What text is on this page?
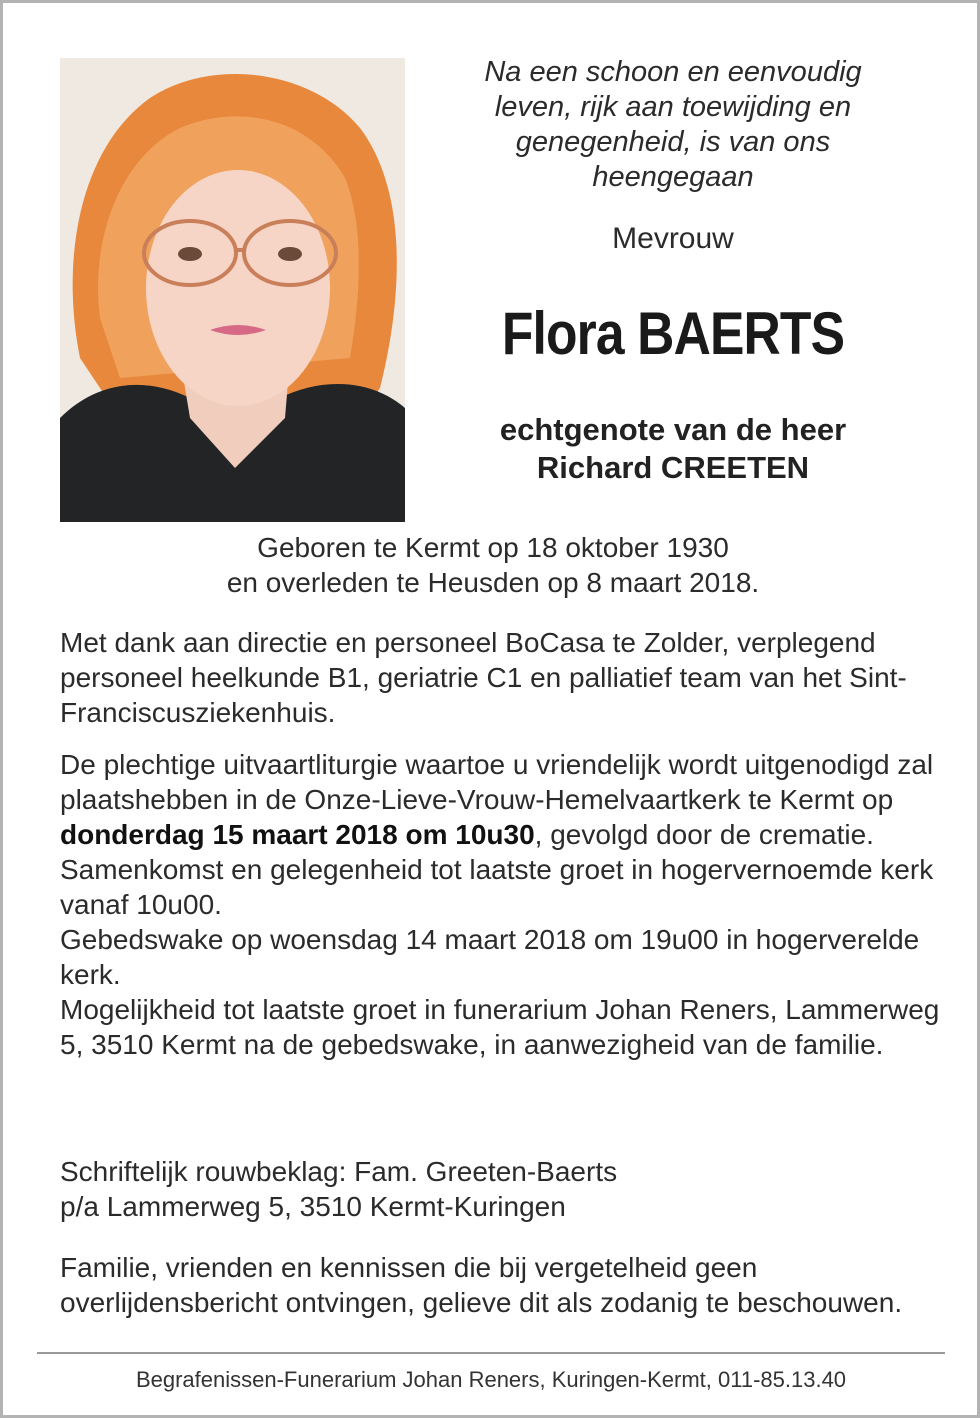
Na een schoon en eenvoudig leven, rijk aan toewijding en genegenheid, is van ons heengegaan
Mevrouw
Flora BAERTS
echtgenote van de heer
Richard CREETEN
Geboren te Kermt op 18 oktober 1930
en overleden te Heusden op 8 maart 2018.
Met dank aan directie en personeel BoCasa te Zolder, verplegend personeel heelkunde B1, geriatrie C1 en palliatief team van het Sint-Franciscusziekenhuis.
De plechtige uitvaartliturgie waartoe u vriendelijk wordt uitgenodigd zal plaatshebben in de Onze-Lieve-Vrouw-Hemelvaartkerk te Kermt op donderdag 15 maart 2018 om 10u30, gevolgd door de crematie.
Samenkomst en gelegenheid tot laatste groet in hogervernoemde kerk vanaf 10u00.
Gebedswake op woensdag 14 maart 2018 om 19u00 in hogerverelde kerk.
Mogelijkheid tot laatste groet in funerarium Johan Reners, Lammerweg 5, 3510 Kermt na de gebedswake, in aanwezigheid van de familie.
Schriftelijk rouwbeklag: Fam. Greeten-Baerts
p/a Lammerweg 5, 3510 Kermt-Kuringen
Familie, vrienden en kennissen die bij vergetelheid geen overlijdensbericht ontvingen, gelieve dit als zodanig te beschouwen.
Begrafenissen-Funerarium Johan Reners, Kuringen-Kermt, 011-85.13.40
